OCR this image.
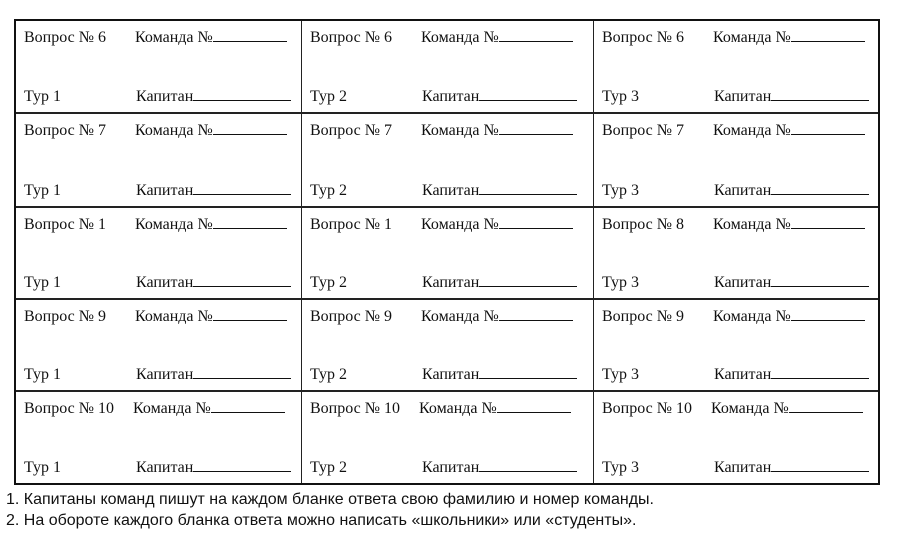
Вопрос № 6 Команда №
Тур 1	Капитан
Вопрос № 6 Команда №
Тур 2	Капитан
Вопрос № 6 Команда №
Тур 3	Капитан
Вопрос № 7 Команда №
Тур 1	Капитан
Вопрос № 7 Команда №
Тур 2	Капитан
Вопрос № 7 Команда №
Тур 3	Капитан
Вопрос № 1 Команда №
Тур 1	Капитан
Вопрос № 1 Команда №
Тур 2	Капитан
Вопрос № 8 Команда №
Тур 3	Капитан
Вопрос № 9 Команда №
Тур 1	Капитан
Вопрос № 9 Команда №
Тур 2	Капитан
Вопрос № 9 Команда №
Тур 3	Капитан
Вопрос № 10 Команда №
Тур 1	Капитан
Вопрос № 10 Команда №
Тур 2	Капитан
Вопрос № 10 Команда №
Тур 3	Капитан
1. Капитаны команд пишут на каждом бланке ответа свою фамилию и номер команды.
2. На обороте каждого бланка ответа можно написать «школьники» или «студенты».
